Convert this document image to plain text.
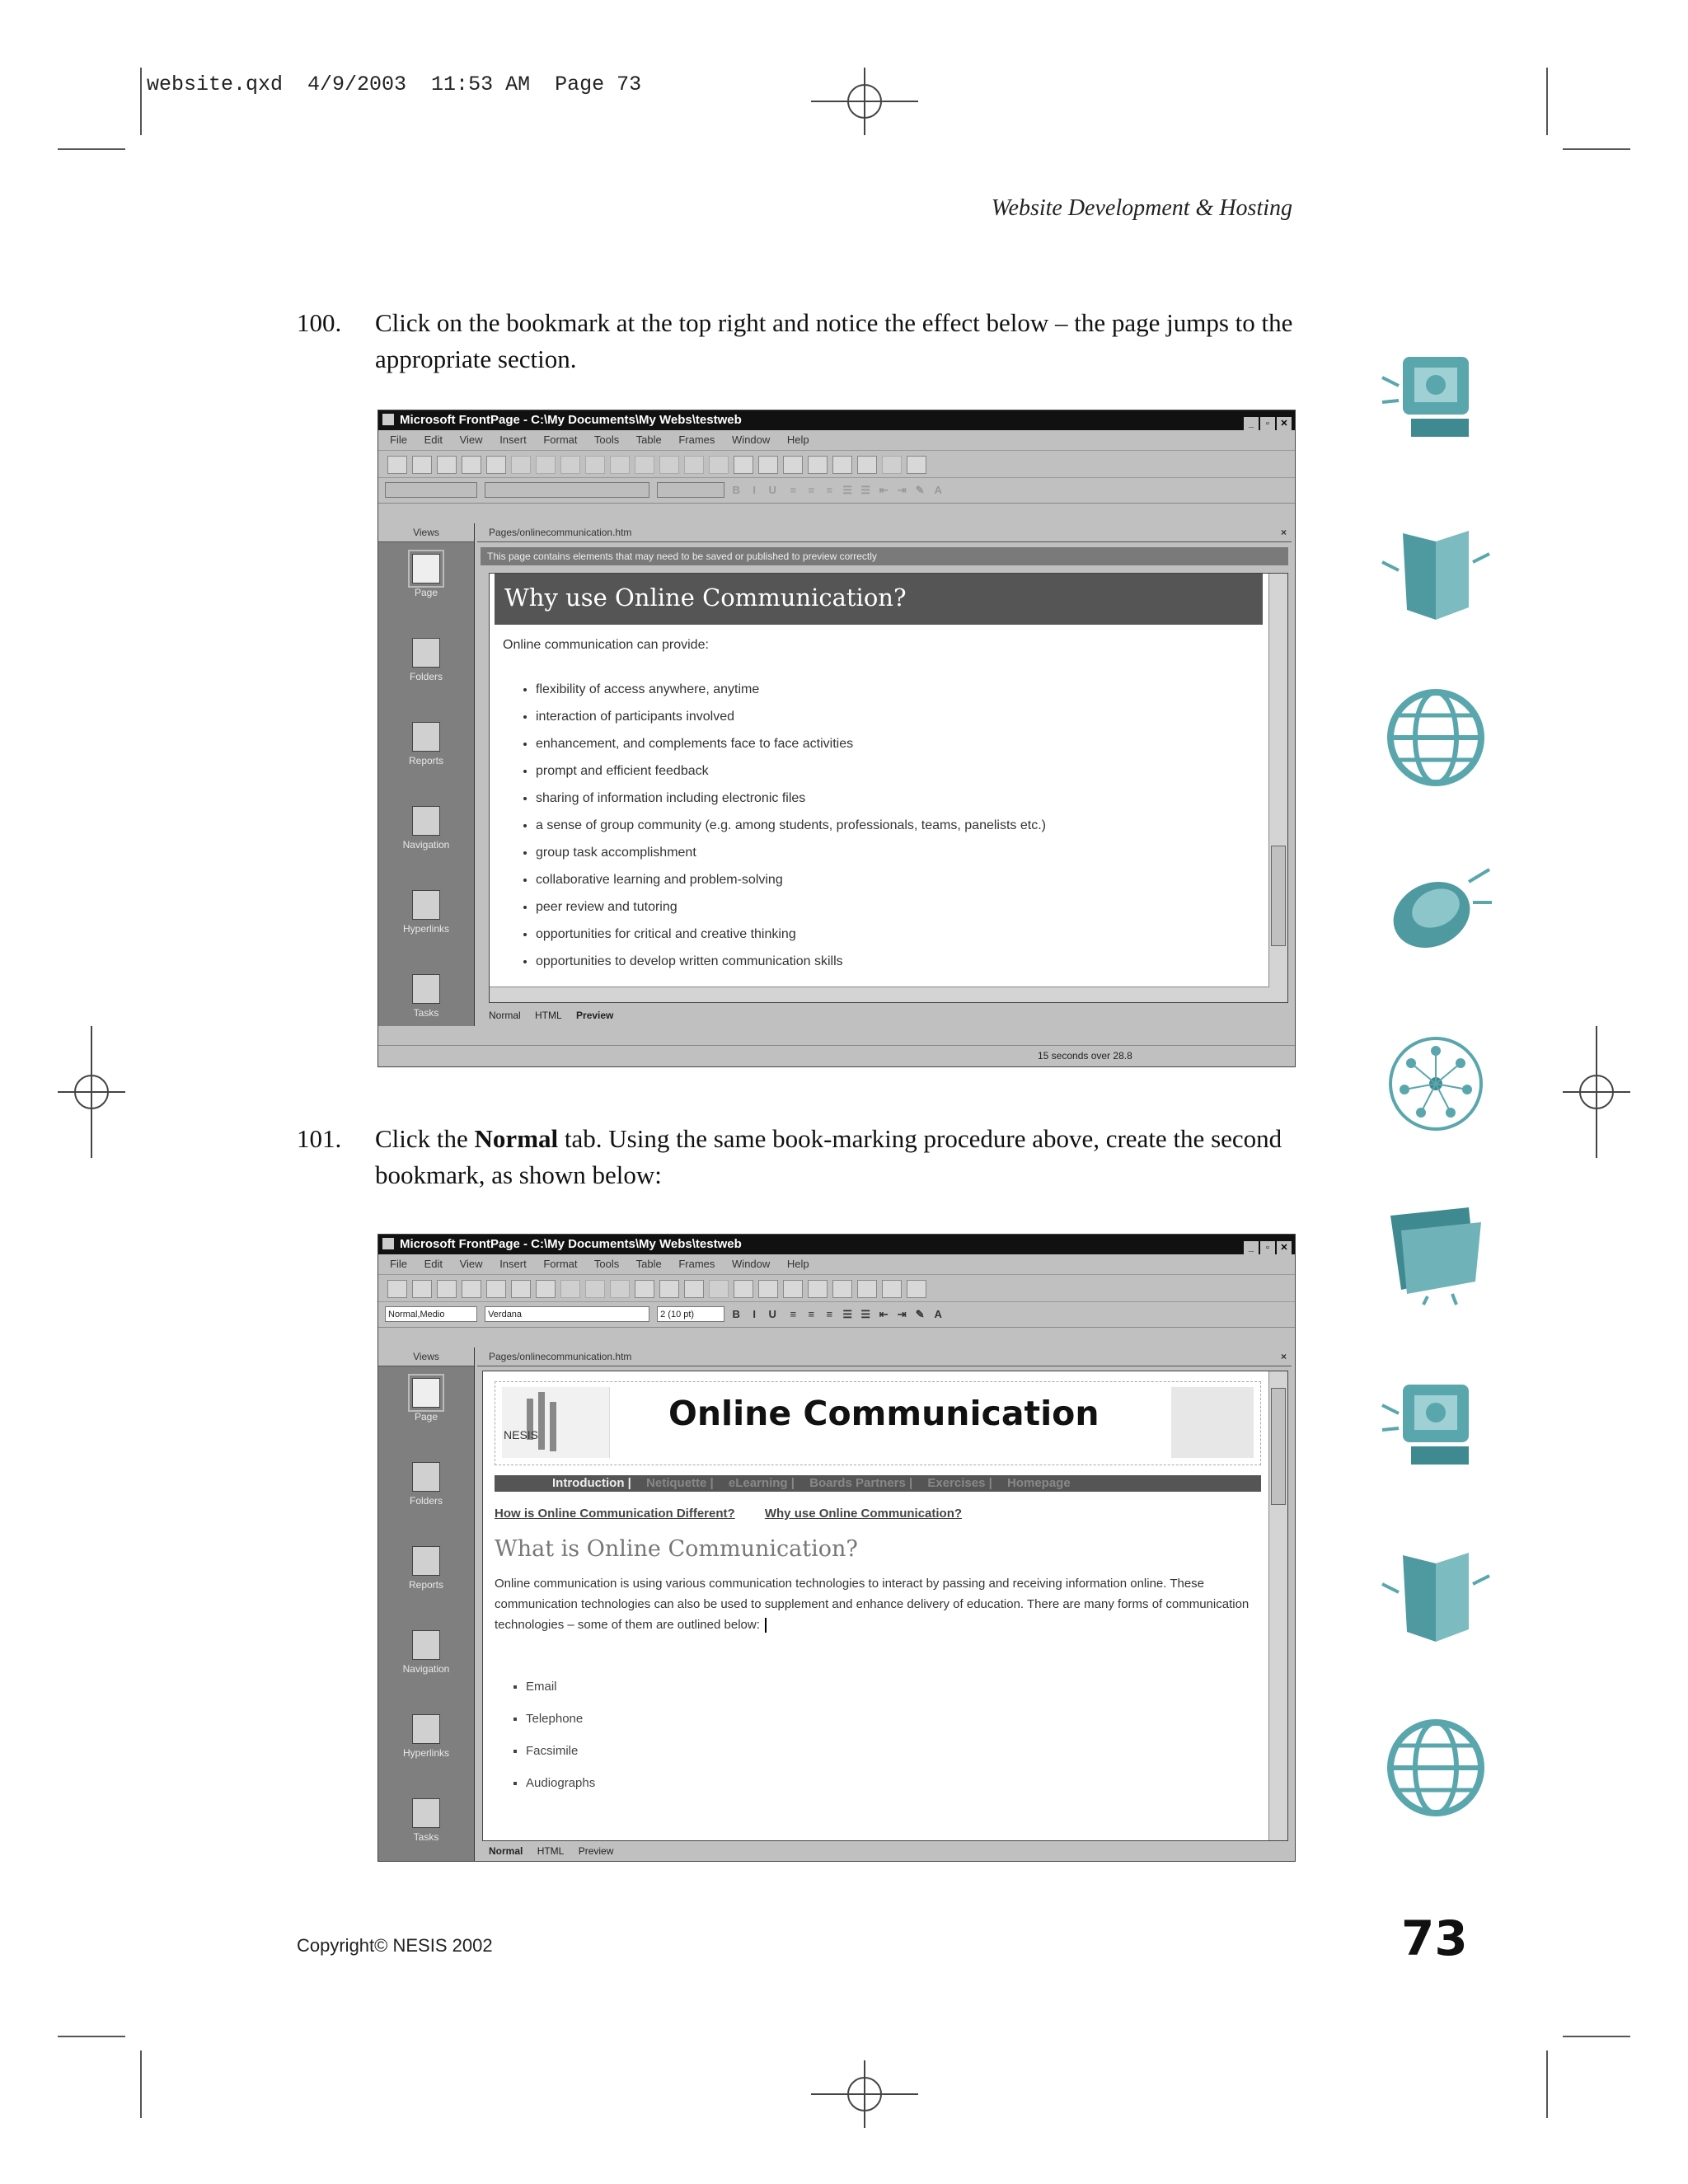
website.qxd  4/9/2003  11:53 AM  Page 73
Website Development & Hosting
100. Click on the bookmark at the top right and notice the effect below – the page jumps to the appropriate section.
Microsoft FrontPage - C:\My Documents\My Webs\testweb	_ ▫ ✕
File Edit View Insert Format Tools Table Frames Window Help
B I U ≡ ≡ ≡ ☰ ☰ ⇤ ⇥ ✎ A
Views
Page
Folders
Reports
Navigation
Hyperlinks
Tasks
Pages/onlinecommunication.htm	×
This page contains elements that may need to be saved or published to preview correctly
Why use Online Communication?
Online communication can provide:
• flexibility of access anywhere, anytime
• interaction of participants involved
• enhancement, and complements face to face activities
• prompt and efficient feedback
• sharing of information including electronic files
• a sense of group community (e.g. among students, professionals, teams, panelists etc.)
• group task accomplishment
• collaborative learning and problem-solving
• peer review and tutoring
• opportunities for critical and creative thinking
• opportunities to develop written communication skills
Normal HTML Preview
15 seconds over 28.8
101. Click the Normal tab. Using the same book-marking procedure above, create the second bookmark, as shown below:
Microsoft FrontPage - C:\My Documents\My Webs\testweb	_ ▫ ✕
File Edit View Insert Format Tools Table Frames Window Help
Normal,Medio	Verdana	2 (10 pt)	B I U ≡ ≡ ≡ ☰ ☰ ⇤ ⇥ ✎ A
Views
Page
Folders
Reports
Navigation
Hyperlinks
Tasks
Pages/onlinecommunication.htm	×
NESIS
Online Communication
Introduction | Netiquette | eLearning | Boards Partners | Exercises | Homepage
How is Online Communication Different? Why use Online Communication?
What is Online Communication?
Online communication is using various communication technologies to interact by passing and receiving information online. These communication technologies can also be used to supplement and enhance delivery of education. There are many forms of communication technologies – some of them are outlined below:
▪ Email
▪ Telephone
▪ Facsimile
▪ Audiographs
Normal HTML Preview
Copyright© NESIS 2002	73
